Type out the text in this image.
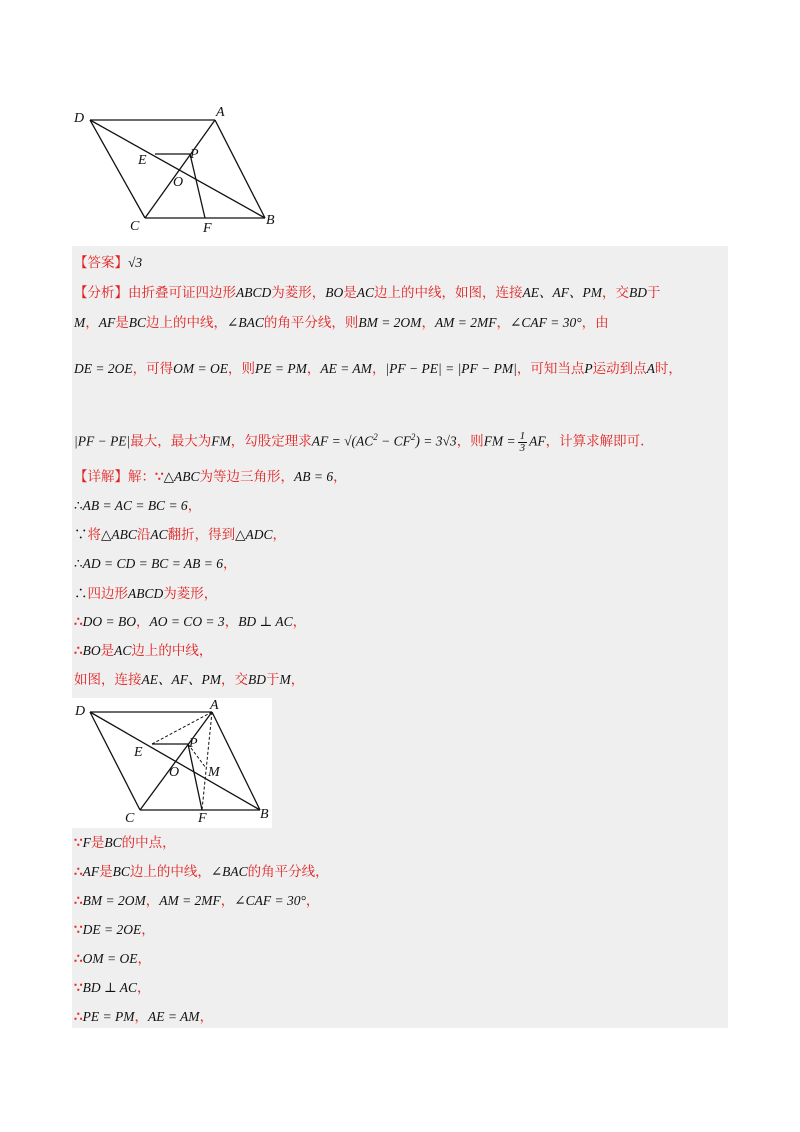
D	A
E	P
O
C	F
B
【答案】√3
【分析】由折叠可证四边形ABCD为菱形，BO是AC边上的中线，如图，连接AE、AF、PM，交BD于
M，AF是BC边上的中线，∠BAC的角平分线，则BM = 2OM，AM = 2MF，∠CAF = 30°，由
DE = 2OE，可得OM = OE，则PE = PM，AE = AM，|PF − PE| = |PF − PM|，可知当点P运动到点A时，
|PF − PE|最大，最大为FM，勾股定理求AF = $√(AC^2 - CF^2) = 3√3$，则FM = $\frac{1}{3}$ AF，计算求解即可.
【详解】解：∵△ABC为等边三角形，AB = 6，
∴AB = AC = BC = 6，
∵将△ABC沿AC翻折，得到△ADC，
∴AD = CD = BC = AB = 6，
∴四边形ABCD为菱形，
∴DO = BO，AO = CO = 3，BD ⊥ AC，
∴BO是AC边上的中线，
如图，连接AE、AF、PM，交BD于M，
D	A
E
P
O M
C	F	B
∵F是BC的中点，
∴AF是BC边上的中线，∠BAC的角平分线，
∴BM = 2OM，AM = 2MF，∠CAF = 30°，
∵DE = 2OE，
∴OM = OE，
∵BD ⊥ AC，
∴PE = PM，AE = AM，
